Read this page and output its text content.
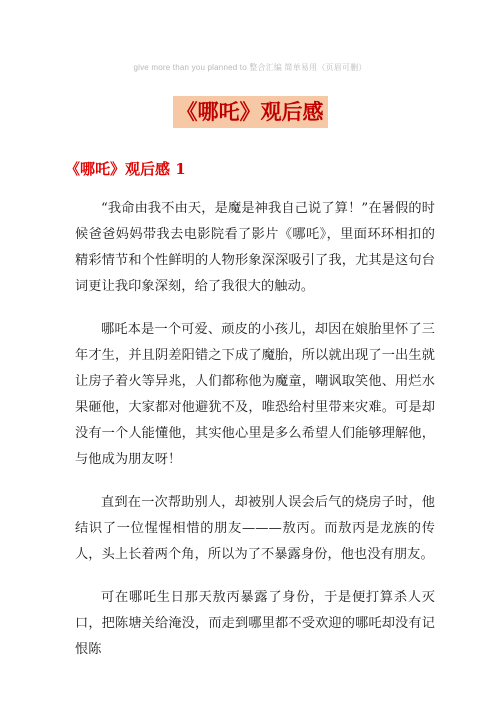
give more than you planned to 整合汇编 简单易用（页眉可删）
《哪吒》观后感
《哪吒》观后感 1

“我命由我不由天，是魔是神我自己说了算！”在暑假的时候爸爸妈妈带我去电影院看了影片《哪吒》，里面环环相扣的精彩情节和个性鲜明的人物形象深深吸引了我，尤其是这句台词更让我印象深刻，给了我很大的触动。

哪吒本是一个可爱、顽皮的小孩儿，却因在娘胎里怀了三年才生，并且阴差阳错之下成了魔胎，所以就出现了一出生就让房子着火等异兆，人们都称他为魔童，嘲讽取笑他、用烂水果砸他，大家都对他避犹不及，唯恐给村里带来灾难。可是却没有一个人能懂他，其实他心里是多么希望人们能够理解他，与他成为朋友呀！

直到在一次帮助别人，却被别人误会后气的烧房子时，他结识了一位惺惺相惜的朋友———敖丙。而敖丙是龙族的传人，头上长着两个角，所以为了不暴露身份，他也没有朋友。

可在哪吒生日那天敖丙暴露了身份，于是便打算杀人灭口，把陈塘关给淹没，而走到哪里都不受欢迎的哪吒却没有记恨陈
